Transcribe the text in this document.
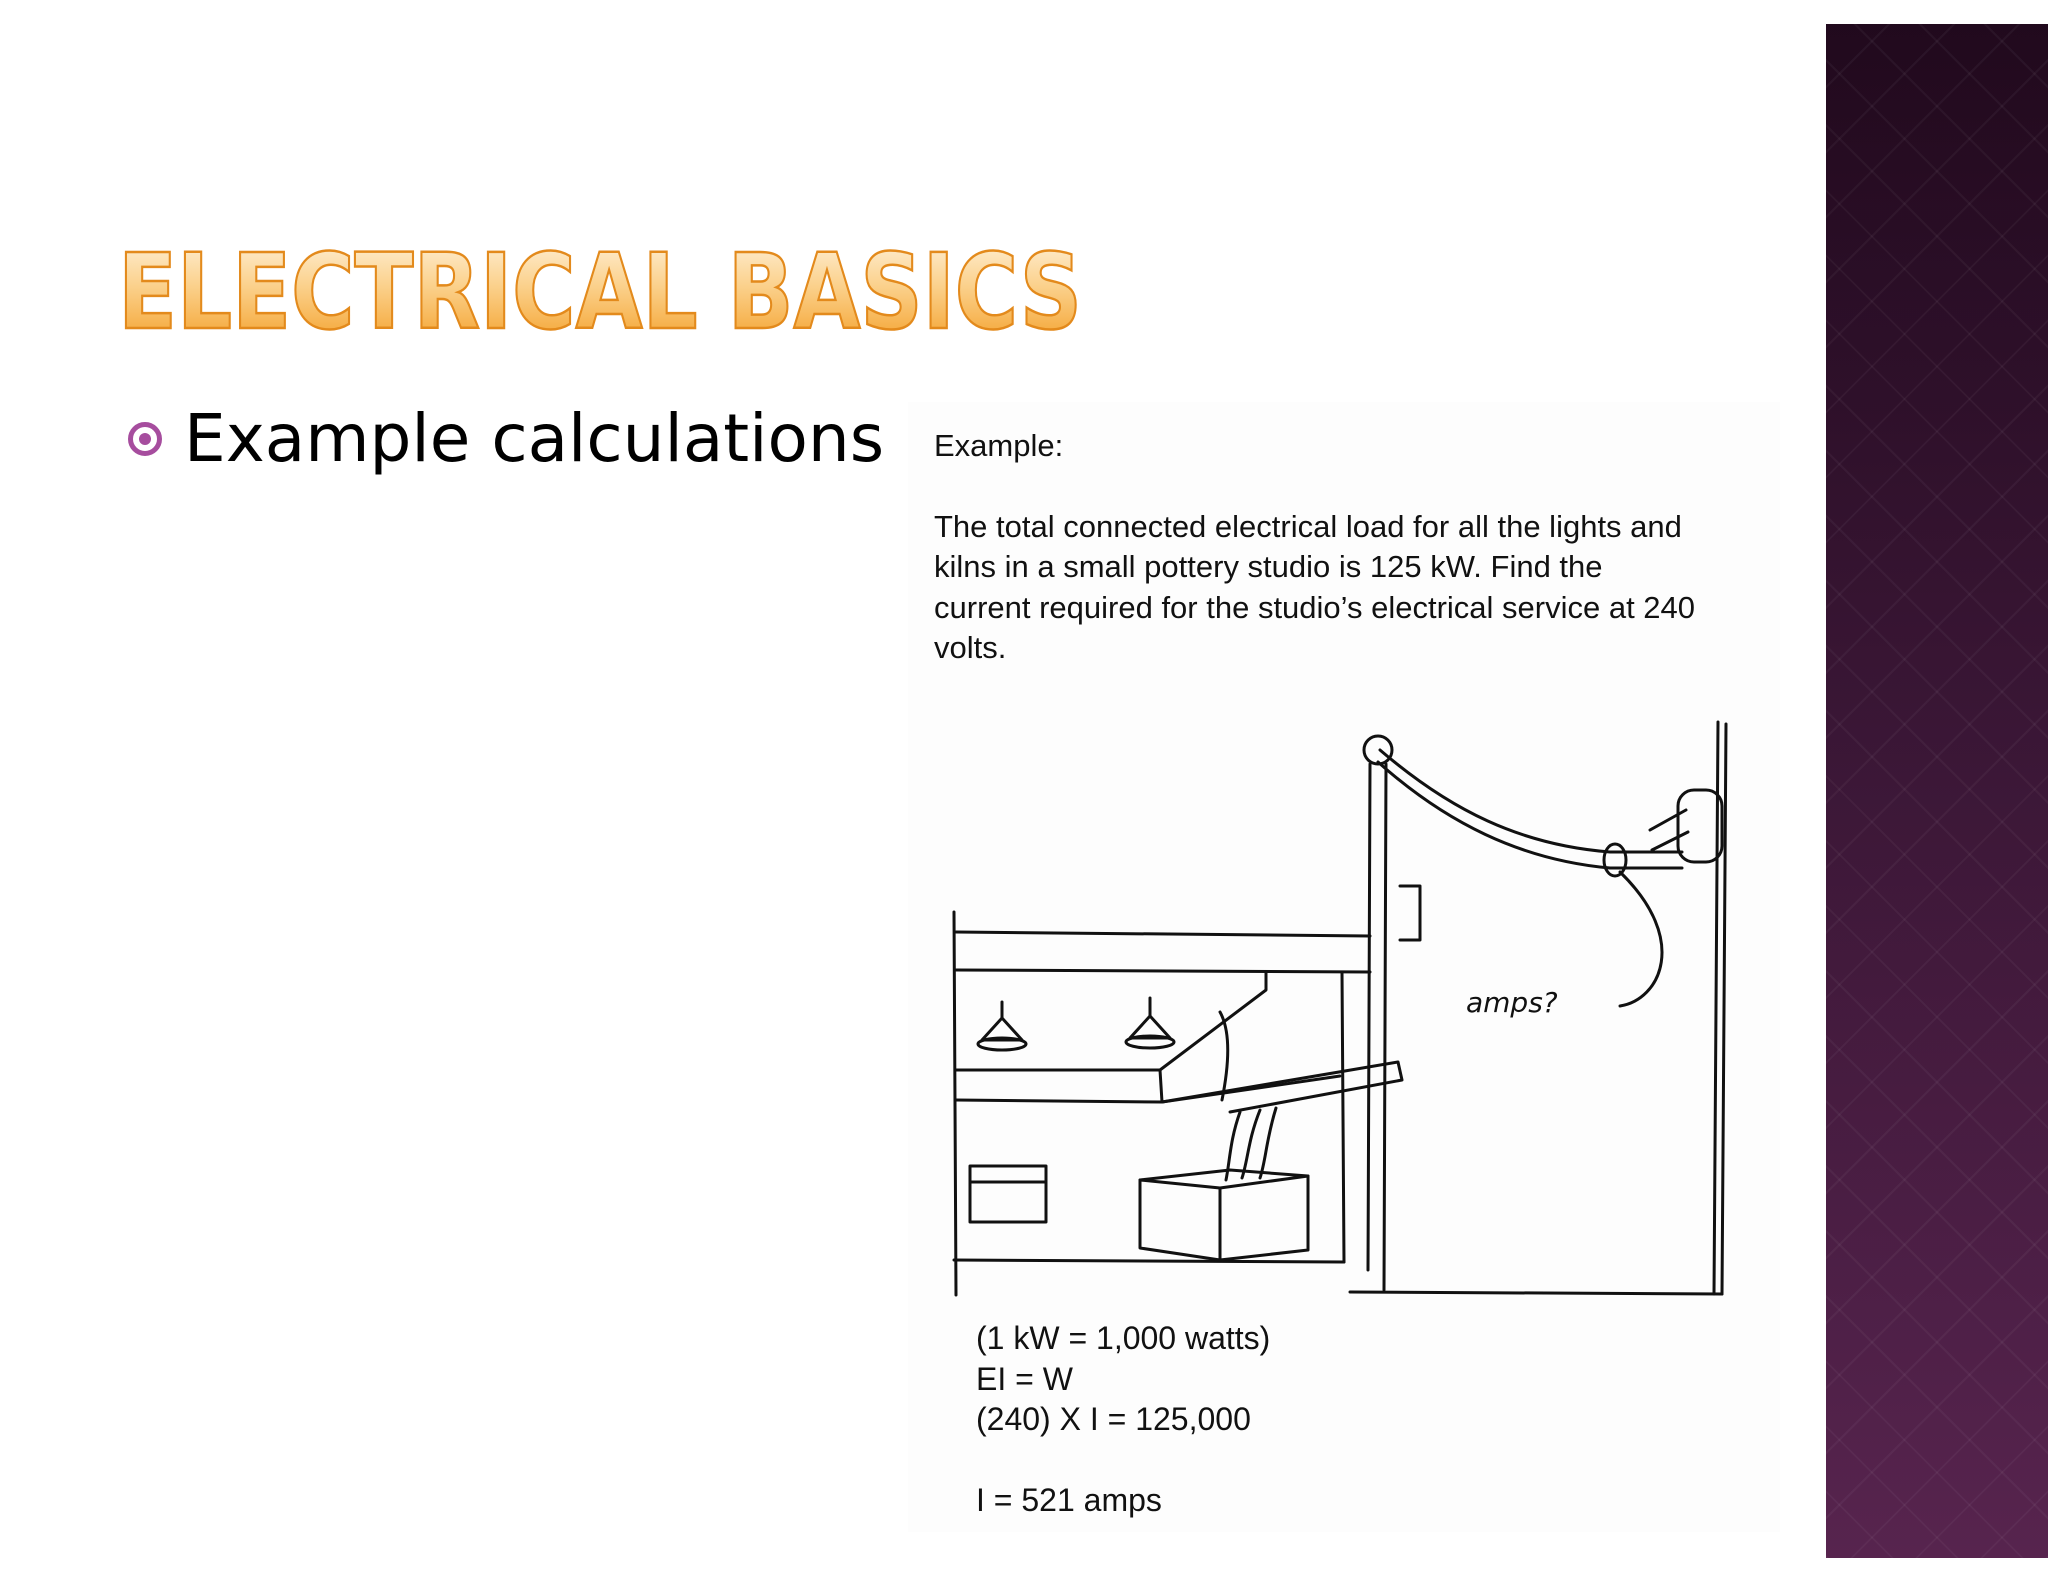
ELECTRICAL BASICS
Example calculations Example:

The total connected electrical load for all the lights and

kilns in a small pottery studio is 125 kW. Find the

current required for the studio’s electrical service at 240

volts.

amps?
(1 kW = 1,000 watts)
EI = W
(240) X I = 125,000
I = 521 amps
